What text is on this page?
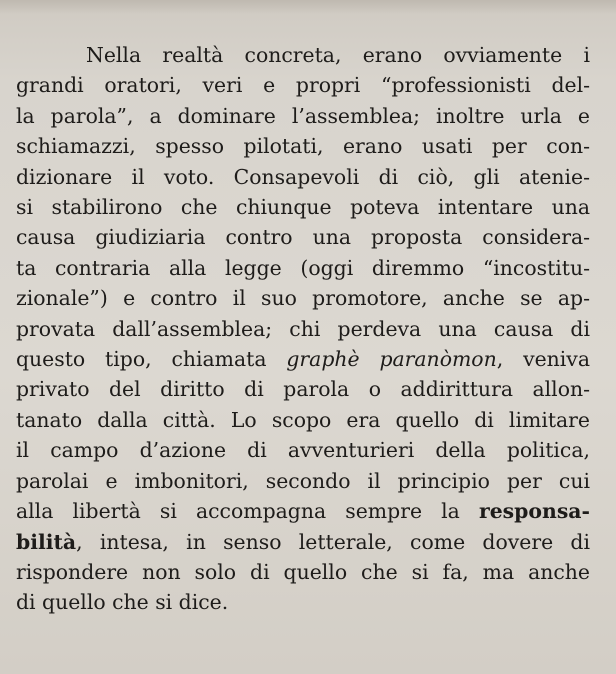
Nella realtà concreta, erano ovviamente i
grandi oratori, veri e propri “professionisti del-
la parola”, a dominare l’assemblea; inoltre urla e
schiamazzi, spesso pilotati, erano usati per con-
dizionare il voto. Consapevoli di ciò, gli atenie-
si stabilirono che chiunque poteva intentare una
causa giudiziaria contro una proposta considera-
ta contraria alla legge (oggi diremmo “incostitu-
zionale”) e contro il suo promotore, anche se ap-
provata dall’assemblea; chi perdeva una causa di
questo tipo, chiamata graphè paranòmon, veniva
privato del diritto di parola o addirittura allon-
tanato dalla città. Lo scopo era quello di limitare
il campo d’azione di avventurieri della politica,
parolai e imbonitori, secondo il principio per cui
alla libertà si accompagna sempre la responsa-
bilità, intesa, in senso letterale, come dovere di
rispondere non solo di quello che si fa, ma anche
di quello che si dice.
